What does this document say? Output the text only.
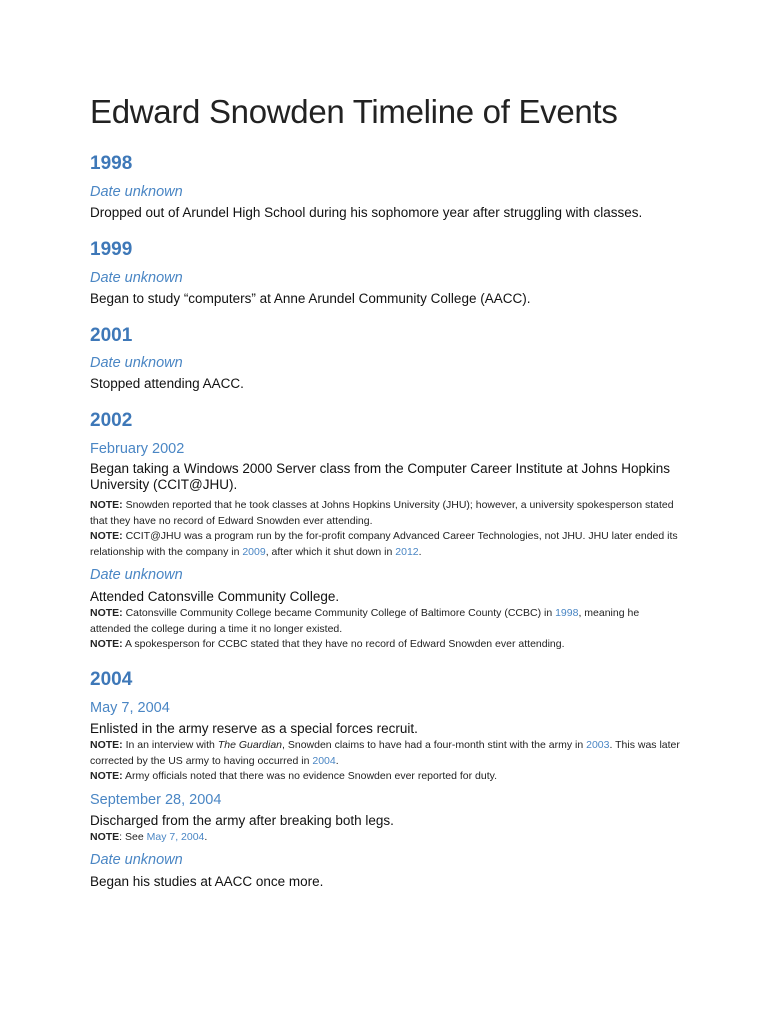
Edward Snowden Timeline of Events
1998
Date unknown

Dropped out of Arundel High School during his sophomore year after struggling with classes.

1999
Date unknown

Began to study “computers” at Anne Arundel Community College (AACC).

2001
Date unknown

Stopped attending AACC.

2002
February 2002

Began taking a Windows 2000 Server class from the Computer Career Institute at Johns Hopkins University (CCIT@JHU).

NOTE: Snowden reported that he took classes at Johns Hopkins University (JHU); however, a university spokesperson stated that they have no record of Edward Snowden ever attending.

NOTE: CCIT@JHU was a program run by the for-profit company Advanced Career Technologies, not JHU. JHU later ended its relationship with the company in 2009, after which it shut down in 2012.

Date unknown

Attended Catonsville Community College.

NOTE: Catonsville Community College became Community College of Baltimore County (CCBC) in 1998, meaning he attended the college during a time it no longer existed.

NOTE: A spokesperson for CCBC stated that they have no record of Edward Snowden ever attending.

2004
May 7, 2004

Enlisted in the army reserve as a special forces recruit.

NOTE: In an interview with The Guardian, Snowden claims to have had a four-month stint with the army in 2003. This was later corrected by the US army to having occurred in 2004.

NOTE: Army officials noted that there was no evidence Snowden ever reported for duty.

September 28, 2004

Discharged from the army after breaking both legs.

NOTE: See May 7, 2004.

Date unknown

Began his studies at AACC once more.
